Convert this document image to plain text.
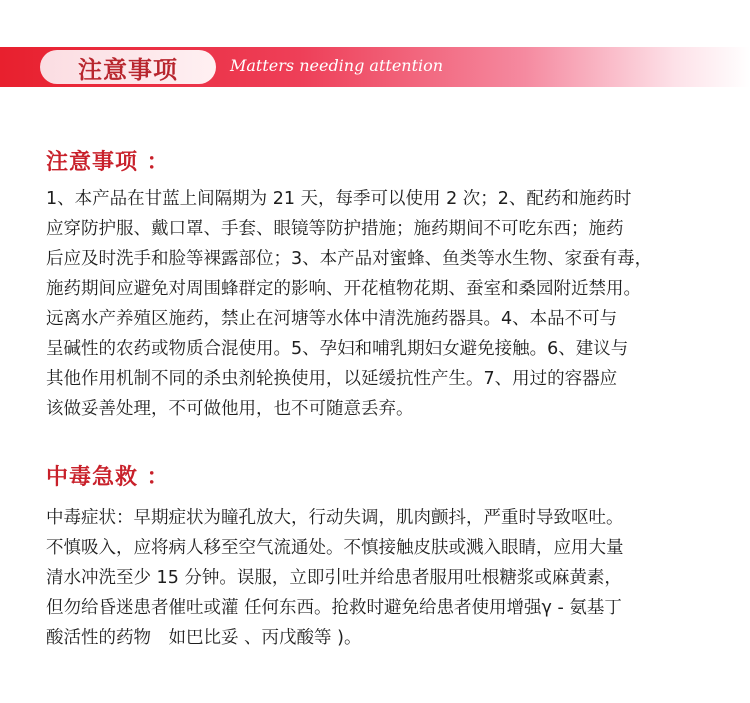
注意事项	Matters needing attention
注意事项 ：
1、本产品在甘蓝上间隔期为 21 天，每季可以使用 2 次；2、配药和施药时
应穿防护服、戴口罩、手套、眼镜等防护措施；施药期间不可吃东西；施药
后应及时洗手和脸等裸露部位；3、本产品对蜜蜂、鱼类等水生物、家蚕有毒，
施药期间应避免对周围蜂群定的影响、开花植物花期、蚕室和桑园附近禁用。
远离水产养殖区施药，禁止在河塘等水体中清洗施药器具。4、本品不可与
呈碱性的农药或物质合混使用。5、孕妇和哺乳期妇女避免接触。6、建议与
其他作用机制不同的杀虫剂轮换使用，以延缓抗性产生。7、用过的容器应
该做妥善处理，不可做他用，也不可随意丢弃。
中毒急救 ：
中毒症状：早期症状为瞳孔放大，行动失调，肌肉颤抖，严重时导致呕吐。
不慎吸入，应将病人移至空气流通处。不慎接触皮肤或溅入眼睛，应用大量
清水冲洗至少 15 分钟。误服，立即引吐并给患者服用吐根糖浆或麻黄素，
但勿给昏迷患者催吐或灌 任何东西。抢救时避免给患者使用增强γ - 氨基丁
酸活性的药物　如巴比妥 、丙戊酸等 )。
